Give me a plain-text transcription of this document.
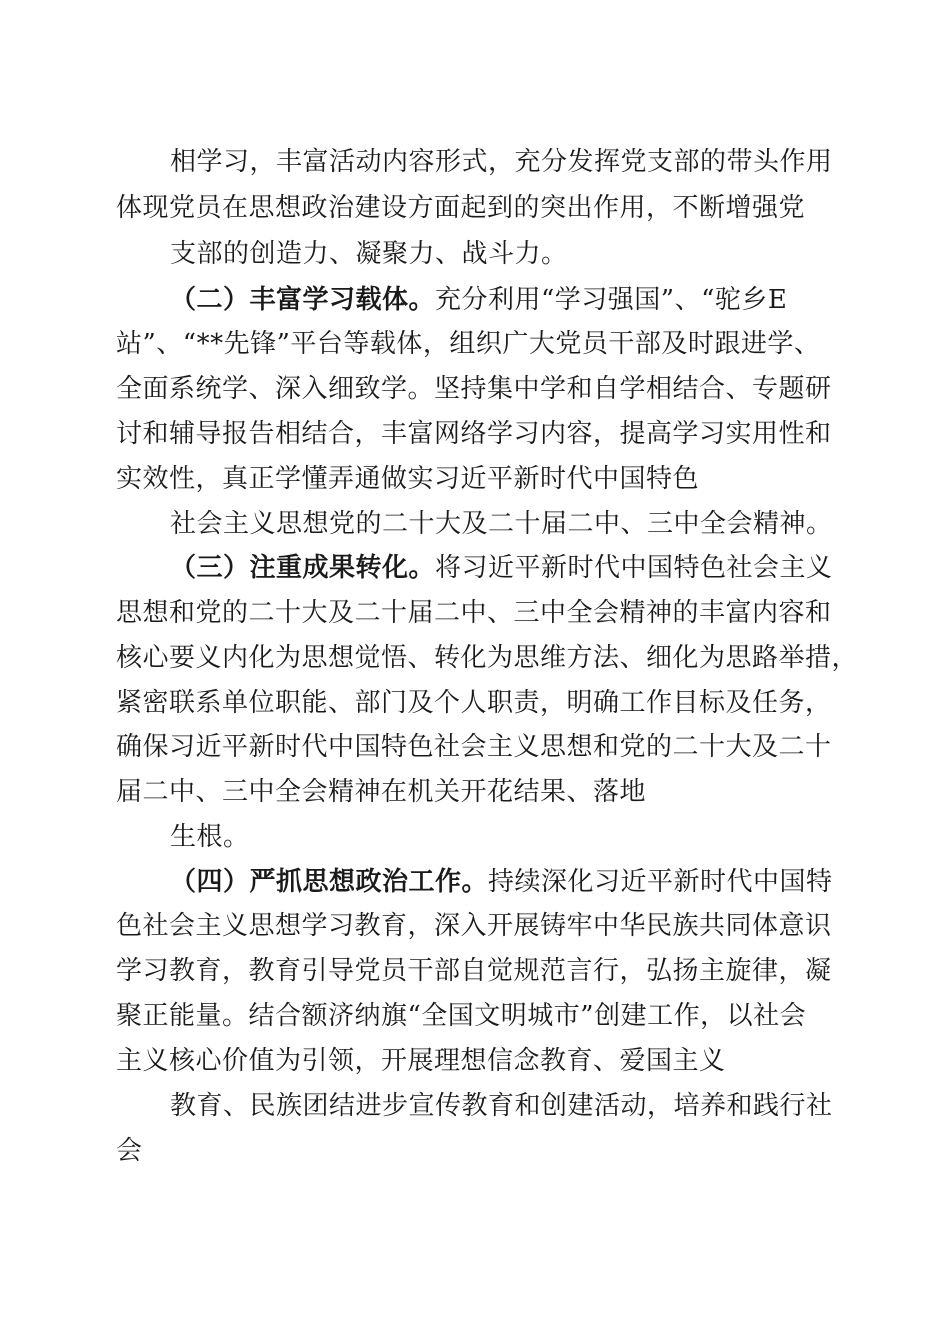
相学习，丰富活动内容形式，充分发挥党支部的带头作用
体现党员在思想政治建设方面起到的突出作用，不断增强党
支部的创造力、凝聚力、战斗力。
（二）丰富学习载体。充分利用“学习强国”、“驼乡E
站”、“**先锋”平台等载体，组织广大党员干部及时跟进学、
全面系统学、深入细致学。坚持集中学和自学相结合、专题研
讨和辅导报告相结合，丰富网络学习内容，提高学习实用性和
实效性，真正学懂弄通做实习近平新时代中国特色
社会主义思想党的二十大及二十届二中、三中全会精神。
（三）注重成果转化。将习近平新时代中国特色社会主义
思想和党的二十大及二十届二中、三中全会精神的丰富内容和
核心要义内化为思想觉悟、转化为思维方法、细化为思路举措，
紧密联系单位职能、部门及个人职责，明确工作目标及任务，
确保习近平新时代中国特色社会主义思想和党的二十大及二十
届二中、三中全会精神在机关开花结果、落地
生根。
（四）严抓思想政治工作。持续深化习近平新时代中国特
色社会主义思想学习教育，深入开展铸牢中华民族共同体意识
学习教育，教育引导党员干部自觉规范言行，弘扬主旋律，凝
聚正能量。结合额济纳旗“全国文明城市”创建工作，以社会
主义核心价值为引领，开展理想信念教育、爱国主义
教育、民族团结进步宣传教育和创建活动，培养和践行社
会
